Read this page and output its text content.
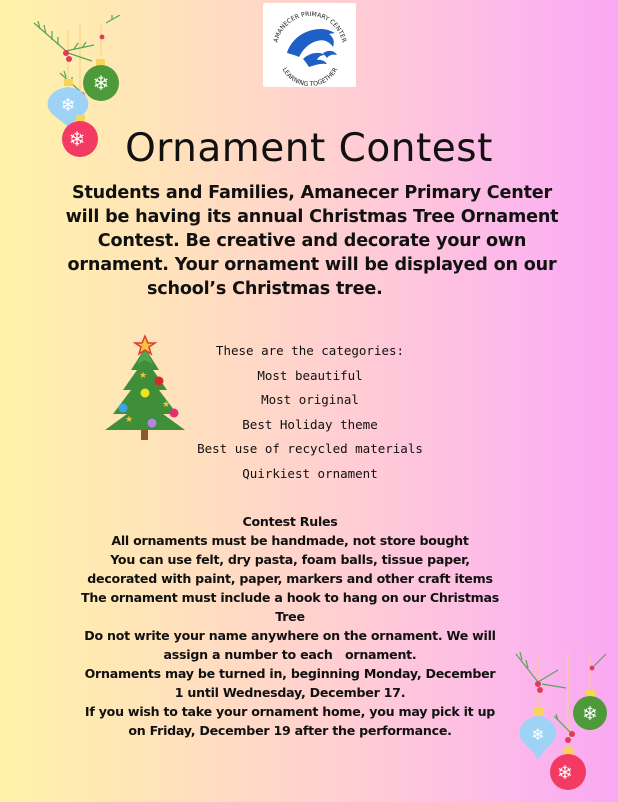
AMANECER PRIMARY CENTER
LEARNING TOGETHER
❄
❄
❄	Ornament Contest
Students and Families, Amanecer Primary Center
will be having its annual Christmas Tree Ornament
Contest. Be creative and decorate your own
ornament. Your ornament will be displayed on our
school’s Christmas tree.
★
★
★
These are the categories:
Most beautiful
Most original
Best Holiday theme
Best use of recycled materials
Quirkiest ornament
Contest Rules
All ornaments must be handmade, not store bought
You can use felt, dry pasta, foam balls, tissue paper,
decorated with paint, paper, markers and other craft items
The ornament must include a hook to hang on our Christmas
Tree
Do not write your name anywhere on the ornament. We will
assign a number to each   ornament.
Ornaments may be turned in, beginning Monday, December
1 until Wednesday, December 17.
If you wish to take your ornament home, you may pick it up
on Friday, December 19 after the performance.	❄
❄
❄
